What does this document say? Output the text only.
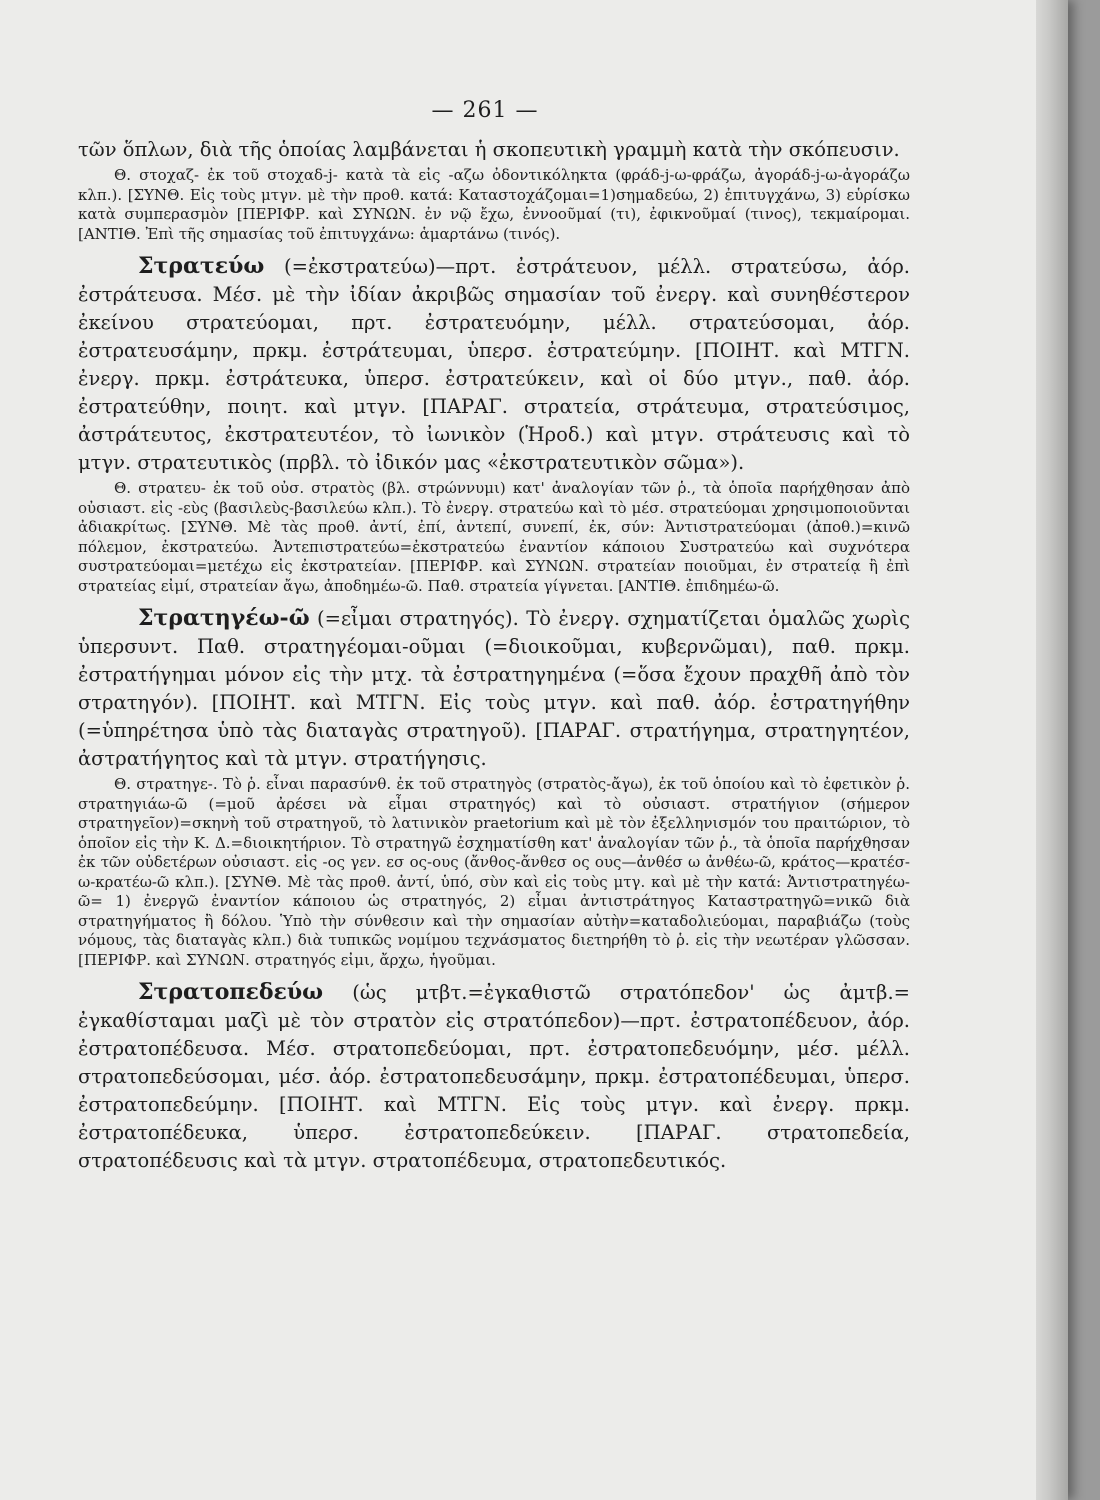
— 261 —

τῶν ὅπλων, διὰ τῆς ὁποίας λαμβάνεται ἡ σκοπευτικὴ γραμμὴ κατὰ τὴν σκόπευσιν.

Θ. στοχαζ- ἐκ τοῦ στοχαδ-j- κατὰ τὰ εἰς -αζω ὀδοντικόληκτα (φράδ-j-ω-φράζω, ἀγοράδ-j-ω-ἀγοράζω κλπ.). [ΣΥΝΘ. Εἰς τοὺς μτγν. μὲ τὴν προθ. κατά: Καταστοχάζομαι=1)σημαδεύω, 2) ἐπιτυγχάνω, 3) εὑρίσκω κατὰ συμπερασμὸν [ΠΕΡΙΦΡ. καὶ ΣΥΝΩΝ. ἐν νῷ ἔχω, ἐννοοῦμαί (τι), ἐφικνοῦμαί (τινος), τεκμαίρομαι. [ΑΝΤΙΘ. Ἐπὶ τῆς σημασίας τοῦ ἐπιτυγχάνω: ἁμαρτάνω (τινός).

Στρατεύω (=ἐκστρατεύω)—πρτ. ἐστράτευον, μέλλ. στρατεύσω, ἀόρ. ἐστράτευσα. Μέσ. μὲ τὴν ἰδίαν ἀκριβῶς σημασίαν τοῦ ἐνεργ. καὶ συνηθέστερον ἐκείνου στρατεύομαι, πρτ. ἐστρατευόμην, μέλλ. στρατεύσομαι, ἀόρ. ἐστρατευσάμην, πρκμ. ἐστράτευμαι, ὑπερσ. ἐστρατεύμην. [ΠΟΙΗΤ. καὶ ΜΤΓΝ. ἐνεργ. πρκμ. ἐστράτευκα, ὑπερσ. ἐστρατεύκειν, καὶ οἱ δύο μτγν., παθ. ἀόρ. ἐστρατεύθην, ποιητ. καὶ μτγν. [ΠΑΡΑΓ. στρατεία, στράτευμα, στρατεύσιμος, ἀστράτευτος, ἐκστρατευτέον, τὸ ἰωνικὸν (Ἡροδ.) καὶ μτγν. στράτευσις καὶ τὸ μτγν. στρατευτικὸς (πρβλ. τὸ ἰδικόν μας «ἐκστρατευτικὸν σῶμα»).

Θ. στρατευ- ἐκ τοῦ οὐσ. στρατὸς (βλ. στρώννυμι) κατ' ἀναλογίαν τῶν ῥ., τὰ ὁποῖα παρήχθησαν ἀπὸ οὐσιαστ. εἰς -εὺς (βασιλεὺς-βασιλεύω κλπ.). Τὸ ἐνεργ. στρατεύω καὶ τὸ μέσ. στρατεύομαι χρησιμοποιοῦνται ἀδιακρίτως. [ΣΥΝΘ. Μὲ τὰς προθ. ἀντί, ἐπί, ἀντεπί, συνεπί, ἐκ, σύν: Ἀντιστρατεύομαι (ἀποθ.)=κινῶ πόλεμον, ἐκστρατεύω. Ἀντεπιστρατεύω=ἐκστρατεύω ἐναντίον κάποιου Συστρατεύω καὶ συχνότερα συστρατεύομαι=μετέχω εἰς ἐκστρατείαν. [ΠΕΡΙΦΡ. καὶ ΣΥΝΩΝ. στρατείαν ποιοῦμαι, ἐν στρατείᾳ ἢ ἐπὶ στρατείας εἰμί, στρατείαν ἄγω, ἀποδημέω-ῶ. Παθ. στρατεία γίγνεται. [ΑΝΤΙΘ. ἐπιδημέω-ῶ.

Στρατηγέω-ῶ (=εἶμαι στρατηγός). Τὸ ἐνεργ. σχηματίζεται ὁμαλῶς χωρὶς ὑπερσυντ. Παθ. στρατηγέομαι-οῦμαι (=διοικοῦμαι, κυβερνῶμαι), παθ. πρκμ. ἐστρατήγημαι μόνον εἰς τὴν μτχ. τὰ ἐστρατηγημένα (=ὅσα ἔχουν πραχθῆ ἀπὸ τὸν στρατηγόν). [ΠΟΙΗΤ. καὶ ΜΤΓΝ. Εἰς τοὺς μτγν. καὶ παθ. ἀόρ. ἐστρατηγήθην (=ὑπηρέτησα ὑπὸ τὰς διαταγὰς στρατηγοῦ). [ΠΑΡΑΓ. στρατήγημα, στρατηγητέον, ἀστρατήγητος καὶ τὰ μτγν. στρατήγησις.

Θ. στρατηγε-. Τὸ ῥ. εἶναι παρασύνθ. ἐκ τοῦ στρατηγὸς (στρατὸς-ἄγω), ἐκ τοῦ ὁποίου καὶ τὸ ἐφετικὸν ῥ. στρατηγιάω-ῶ (=μοῦ ἀρέσει νὰ εἶμαι στρατηγός) καὶ τὸ οὐσιαστ. στρατήγιον (σήμερον στρατηγεῖον)=σκηνὴ τοῦ στρατηγοῦ, τὸ λατινικὸν praetorium καὶ μὲ τὸν ἐξελληνισμόν του πραιτώριον, τὸ ὁποῖον εἰς τὴν Κ. Δ.=διοικητήριον. Τὸ στρατηγῶ ἐσχηματίσθη κατ' ἀναλογίαν τῶν ῥ., τὰ ὁποῖα παρήχθησαν ἐκ τῶν οὐδετέρων οὐσιαστ. εἰς -ος γεν. εσ ος-ους (ἄνθος-ἄνθεσ ος ους—ἀνθέσ ω ἀνθέω-ῶ, κράτος—κρατέσ-ω-κρατέω-ῶ κλπ.). [ΣΥΝΘ. Μὲ τὰς προθ. ἀντί, ὑπό, σὺν καὶ εἰς τοὺς μτγ. καὶ μὲ τὴν κατά: Ἀντιστρατηγέω-ῶ= 1) ἐνεργῶ ἐναντίον κάποιου ὡς στρατηγός, 2) εἶμαι ἀντιστράτηγος Καταστρατηγῶ=νικῶ διὰ στρατηγήματος ἢ δόλου. Ὑπὸ τὴν σύνθεσιν καὶ τὴν σημασίαν αὐτὴν=καταδολιεύομαι, παραβιάζω (τοὺς νόμους, τὰς διαταγὰς κλπ.) διὰ τυπικῶς νομίμου τεχνάσματος διετηρήθη τὸ ῥ. εἰς τὴν νεωτέραν γλῶσσαν. [ΠΕΡΙΦΡ. καὶ ΣΥΝΩΝ. στρατηγός εἰμι, ἄρχω, ἡγοῦμαι.

Στρατοπεδεύω (ὡς μτβτ.=ἐγκαθιστῶ στρατόπεδον' ὡς ἀμτβ.= ἐγκαθίσταμαι μαζὶ μὲ τὸν στρατὸν εἰς στρατόπεδον)—πρτ. ἐστρατοπέδευον, ἀόρ. ἐστρατοπέδευσα. Μέσ. στρατοπεδεύομαι, πρτ. ἐστρατοπεδευόμην, μέσ. μέλλ. στρατοπεδεύσομαι, μέσ. ἀόρ. ἐστρατοπεδευσάμην, πρκμ. ἐστρατοπέδευμαι, ὑπερσ. ἐστρατοπεδεύμην. [ΠΟΙΗΤ. καὶ ΜΤΓΝ. Εἰς τοὺς μτγν. καὶ ἐνεργ. πρκμ. ἐστρατοπέδευκα, ὑπερσ. ἐστρατοπεδεύκειν. [ΠΑΡΑΓ. στρατοπεδεία, στρατοπέδευσις καὶ τὰ μτγν. στρατοπέδευμα, στρατοπεδευτικός.
